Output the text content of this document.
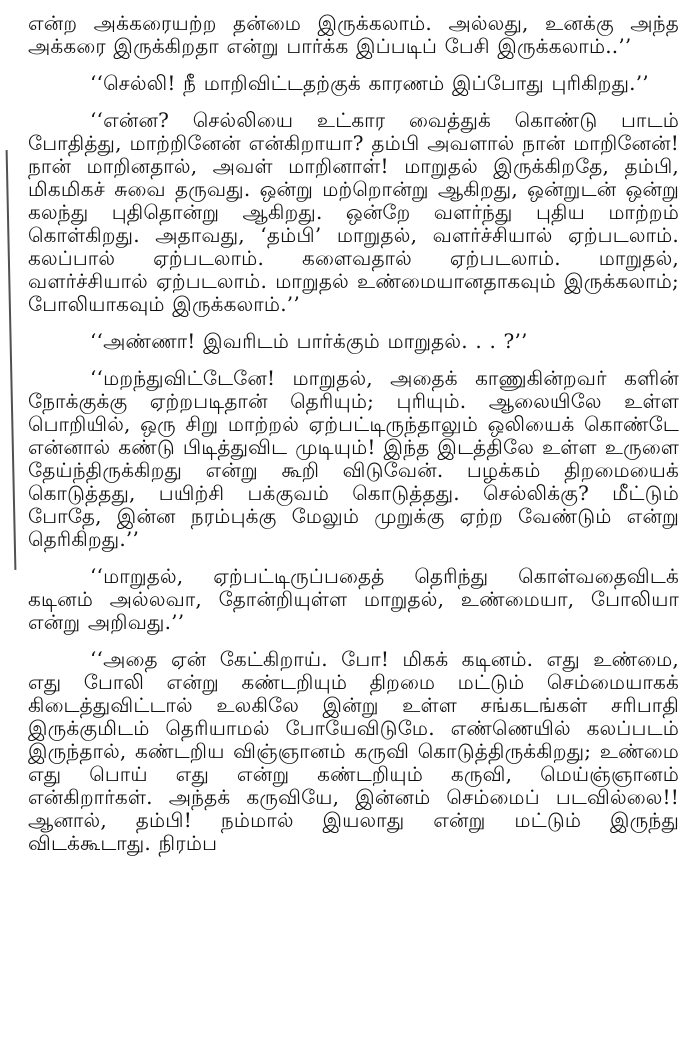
என்ற அக்கரையற்ற தன்மை இருக்கலாம். அல்லது, உனக்கு அந்த அக்கரை இருக்கிறதா என்று பார்க்க இப்படிப் பேசி இருக்கலாம்..’’

‘‘செல்லி! நீ மாறிவிட்டதற்குக் காரணம் இப்போது புரிகிறது.’’

‘‘என்ன? செல்லியை உட்கார வைத்துக் கொண்டு பாடம் போதித்து, மாற்றினேன் என்கிறாயா? தம்பி அவளால் நான் மாறினேன்! நான் மாறினதால், அவள் மாறினாள்! மாறுதல் இருக்கிறதே, தம்பி, மிகமிகச் சுவை தருவது. ஒன்று மற்றொன்று ஆகிறது, ஒன்றுடன் ஒன்று கலந்து புதிதொன்று ஆகிறது. ஒன்றே வளர்ந்து புதிய மாற்றம் கொள்கிறது. அதாவது, ‘தம்பி’ மாறுதல், வளர்ச்சியால் ஏற்படலாம். கலப்பால் ஏற்படலாம். களைவதால் ஏற்படலாம். மாறுதல், வளர்ச்சியால் ஏற்படலாம். மாறுதல் உண்மையானதாகவும் இருக்கலாம்; போலியாகவும் இருக்கலாம்.’’

‘‘அண்ணா! இவரிடம் பார்க்கும் மாறுதல். . . ?’’

‘‘மறந்துவிட்டேனே! மாறுதல், அதைக் காணுகின்றவர் களின் நோக்குக்கு ஏற்றபடிதான் தெரியும்; புரியும். ஆலையிலே உள்ள பொறியில், ஒரு சிறு மாற்றல் ஏற்பட்டிருந்தாலும் ஒலியைக் கொண்டே என்னால் கண்டு பிடித்துவிட முடியும்! இந்த இடத்திலே உள்ள உருளை தேய்ந்திருக்கிறது என்று கூறி விடுவேன். பழக்கம் திறமையைக் கொடுத்தது, பயிற்சி பக்குவம் கொடுத்தது. செல்லிக்கு? மீட்டும் போதே, இன்ன நரம்புக்கு மேலும் முறுக்கு ஏற்ற வேண்டும் என்று தெரிகிறது.’’

‘‘மாறுதல், ஏற்பட்டிருப்பதைத் தெரிந்து கொள்வதைவிடக் கடினம் அல்லவா, தோன்றியுள்ள மாறுதல், உண்மையா, போலியா என்று அறிவது.’’

‘‘அதை ஏன் கேட்கிறாய். போ! மிகக் கடினம். எது உண்மை, எது போலி என்று கண்டறியும் திறமை மட்டும் செம்மையாகக் கிடைத்துவிட்டால் உலகிலே இன்று உள்ள சங்கடங்கள் சரிபாதி இருக்குமிடம் தெரியாமல் போயேவிடுமே. எண்ணெயில் கலப்படம் இருந்தால், கண்டறிய விஞ்ஞானம் கருவி கொடுத்திருக்கிறது; உண்மை எது பொய் எது என்று கண்டறியும் கருவி, மெய்ஞ்ஞானம் என்கிறார்கள். அந்தக் கருவியே, இன்னம் செம்மைப் படவில்லை!! ஆனால், தம்பி! நம்மால் இயலாது என்று மட்டும் இருந்து விடக்கூடாது. நிரம்ப
